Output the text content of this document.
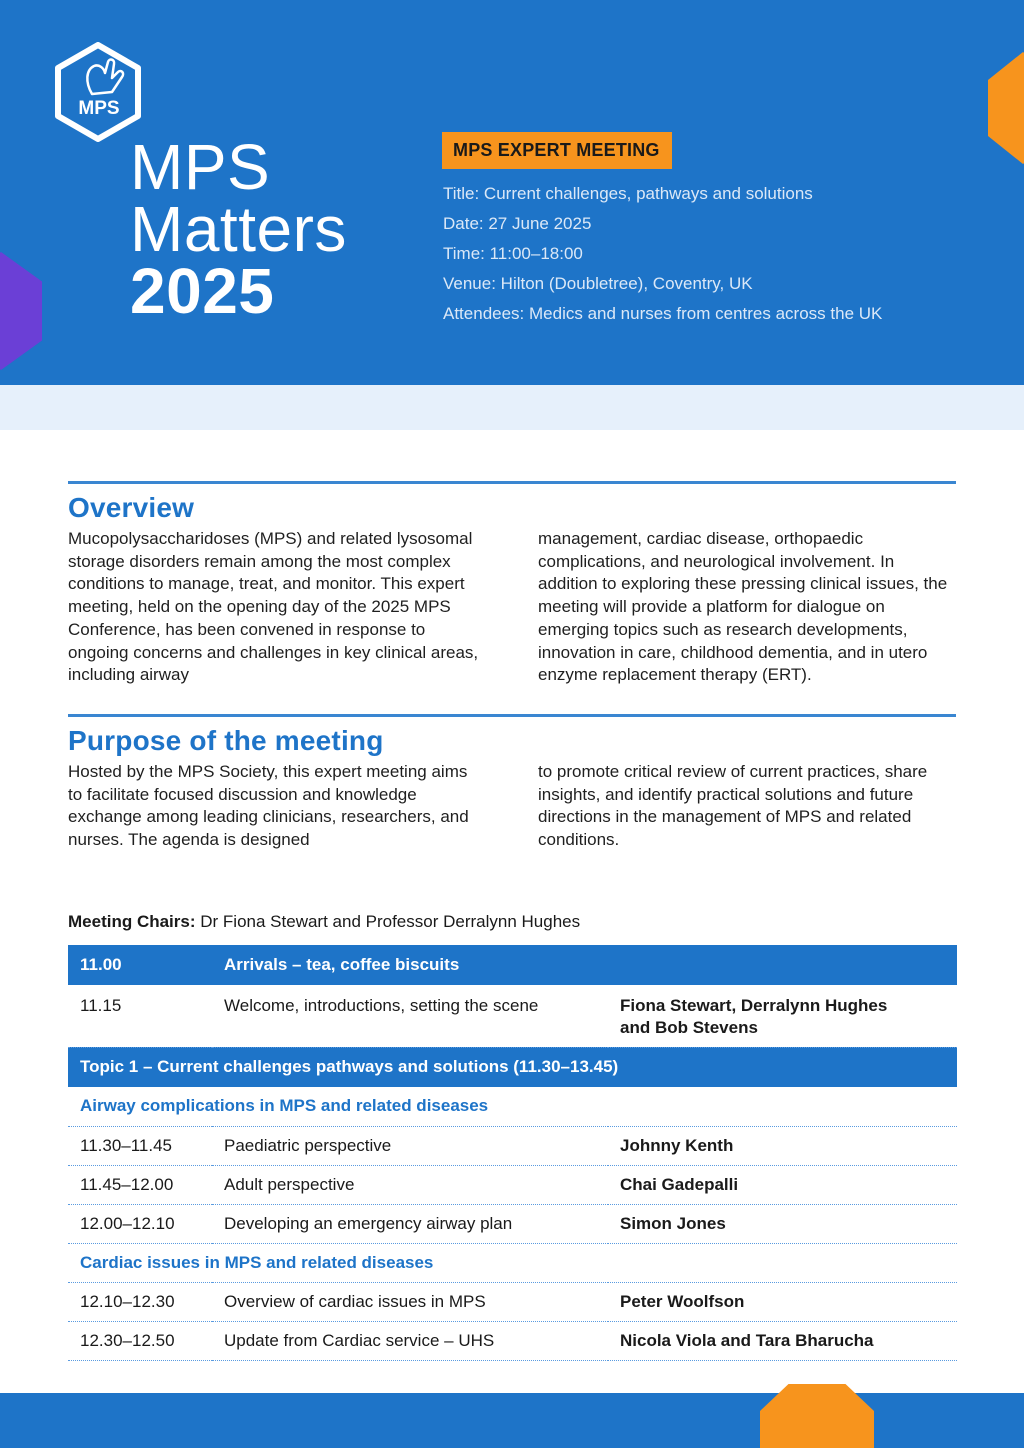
MPS
MPS
Matters
2025
MPS EXPERT MEETING
Title: Current challenges, pathways and solutions
Date: 27 June 2025
Time: 11:00–18:00
Venue: Hilton (Doubletree), Coventry, UK
Attendees: Medics and nurses from centres across the UK
Overview

Mucopolysaccharidoses (MPS) and related lysosomal storage disorders remain among the most complex conditions to manage, treat, and monitor. This expert meeting, held on the opening day of the 2025 MPS Conference, has been convened in response to ongoing concerns and challenges in key clinical areas, including airway

management, cardiac disease, orthopaedic complications, and neurological involvement. In addition to exploring these pressing clinical issues, the meeting will provide a platform for dialogue on emerging topics such as research developments, innovation in care, childhood dementia, and in utero enzyme replacement therapy (ERT).

Purpose of the meeting

Hosted by the MPS Society, this expert meeting aims to facilitate focused discussion and knowledge exchange among leading clinicians, researchers, and nurses. The agenda is designed

to promote critical review of current practices, share insights, and identify practical solutions and future directions in the management of MPS and related conditions.

Meeting Chairs: Dr Fiona Stewart and Professor Derralynn Hughes
11.00	Arrivals – tea, coffee biscuits	
11.15	Welcome, introductions, setting the scene	Fiona Stewart, Derralynn Hughes
and Bob Stevens
Topic 1 – Current challenges pathways and solutions (11.30–13.45)		
Airway complications in MPS and related diseases		
11.30–11.45	Paediatric perspective	Johnny Kenth
11.45–12.00	Adult perspective	Chai Gadepalli
12.00–12.10	Developing an emergency airway plan	Simon Jones
Cardiac issues in MPS and related diseases		
12.10–12.30	Overview of cardiac issues in MPS	Peter Woolfson
12.30–12.50	Update from Cardiac service – UHS	Nicola Viola and Tara Bharucha
